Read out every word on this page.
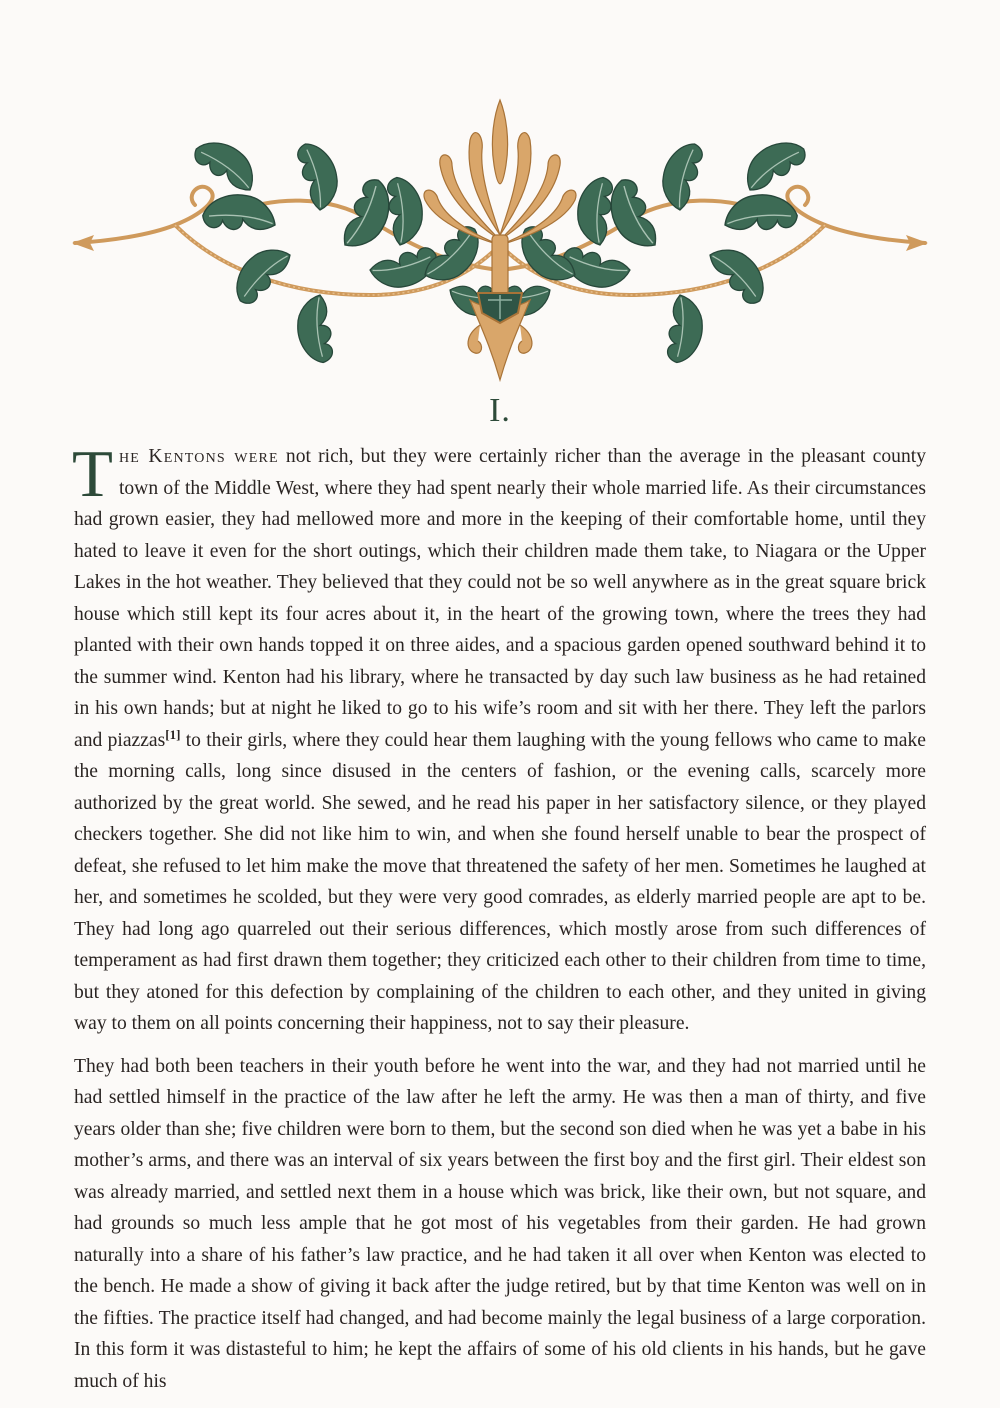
I.

The Kentons were not rich, but they were certainly richer than the average in the pleasant county town of the Middle West, where they had spent nearly their whole married life. As their circumstances had grown easier, they had mellowed more and more in the keeping of their comfortable home, until they hated to leave it even for the short outings, which their children made them take, to Niagara or the Upper Lakes in the hot weather. They believed that they could not be so well anywhere as in the great square brick house which still kept its four acres about it, in the heart of the growing town, where the trees they had planted with their own hands topped it on three aides, and a spacious garden opened southward behind it to the summer wind. Kenton had his library, where he transacted by day such law business as he had retained in his own hands; but at night he liked to go to his wife’s room and sit with her there. They left the parlors and piazzas[1] to their girls, where they could hear them laughing with the young fellows who came to make the morning calls, long since disused in the centers of fashion, or the evening calls, scarcely more authorized by the great world. She sewed, and he read his paper in her satisfactory silence, or they played checkers together. She did not like him to win, and when she found herself unable to bear the prospect of defeat, she refused to let him make the move that threatened the safety of her men. Sometimes he laughed at her, and sometimes he scolded, but they were very good comrades, as elderly married people are apt to be. They had long ago quarreled out their serious differences, which mostly arose from such differences of temperament as had first drawn them together; they criticized each other to their children from time to time, but they atoned for this defection by complaining of the children to each other, and they united in giving way to them on all points concerning their happiness, not to say their pleasure.

They had both been teachers in their youth before he went into the war, and they had not married until he had settled himself in the practice of the law after he left the army. He was then a man of thirty, and five years older than she; five children were born to them, but the second son died when he was yet a babe in his mother’s arms, and there was an interval of six years between the first boy and the first girl. Their eldest son was already married, and settled next them in a house which was brick, like their own, but not square, and had grounds so much less ample that he got most of his vegetables from their garden. He had grown naturally into a share of his father’s law practice, and he had taken it all over when Kenton was elected to the bench. He made a show of giving it back after the judge retired, but by that time Kenton was well on in the fifties. The practice itself had changed, and had become mainly the legal business of a large corporation. In this form it was distasteful to him; he kept the affairs of some of his old clients in his hands, but he gave much of his
